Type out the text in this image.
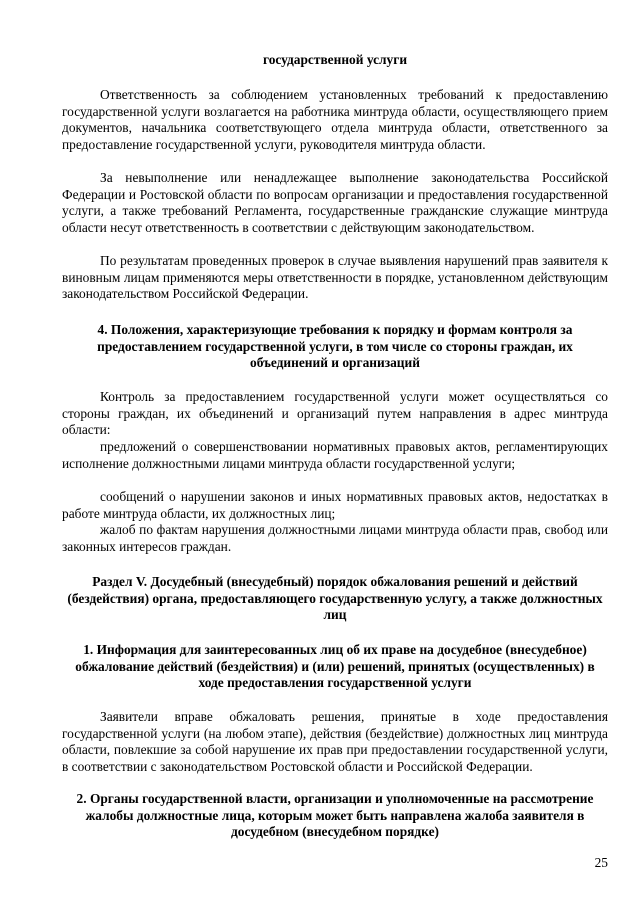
государственной услуги

Ответственность за соблюдением установленных требований к предоставлению государственной услуги возлагается на работника минтруда области, осуществляющего прием документов, начальника соответствующего отдела минтруда области, ответственного за предоставление государственной услуги, руководителя минтруда области.

За невыполнение или ненадлежащее выполнение законодательства Российской Федерации и Ростовской области по вопросам организации и предоставления государственной услуги, а также требований Регламента, государственные гражданские служащие минтруда области несут ответственность в соответствии с действующим законодательством.

По результатам проведенных проверок в случае выявления нарушений прав заявителя к виновным лицам применяются меры ответственности в порядке, установленном действующим законодательством Российской Федерации.

4. Положения, характеризующие требования к порядку и формам контроля за предоставлением государственной услуги, в том числе со стороны граждан, их объединений и организаций

Контроль за предоставлением государственной услуги может осуществляться со стороны граждан, их объединений и организаций путем направления в адрес минтруда области:

предложений о совершенствовании нормативных правовых актов, регламентирующих исполнение должностными лицами минтруда области государственной услуги;

сообщений о нарушении законов и иных нормативных правовых актов, недостатках в работе минтруда области, их должностных лиц;

жалоб по фактам нарушения должностными лицами минтруда области прав, свобод или законных интересов граждан.

Раздел V. Досудебный (внесудебный) порядок обжалования решений и действий (бездействия) органа, предоставляющего государственную услугу, а также должностных лиц

1. Информация для заинтересованных лиц об их праве на досудебное (внесудебное) обжалование действий (бездействия) и (или) решений, принятых (осуществленных) в ходе предоставления государственной услуги

Заявители вправе обжаловать решения, принятые в ходе предоставления государственной услуги (на любом этапе), действия (бездействие) должностных лиц минтруда области, повлекшие за собой нарушение их прав при предоставлении государственной услуги, в соответствии с законодательством Ростовской области и Российской Федерации.

2. Органы государственной власти, организации и уполномоченные на рассмотрение жалобы должностные лица, которым может быть направлена жалоба заявителя в досудебном (внесудебном порядке)

25
